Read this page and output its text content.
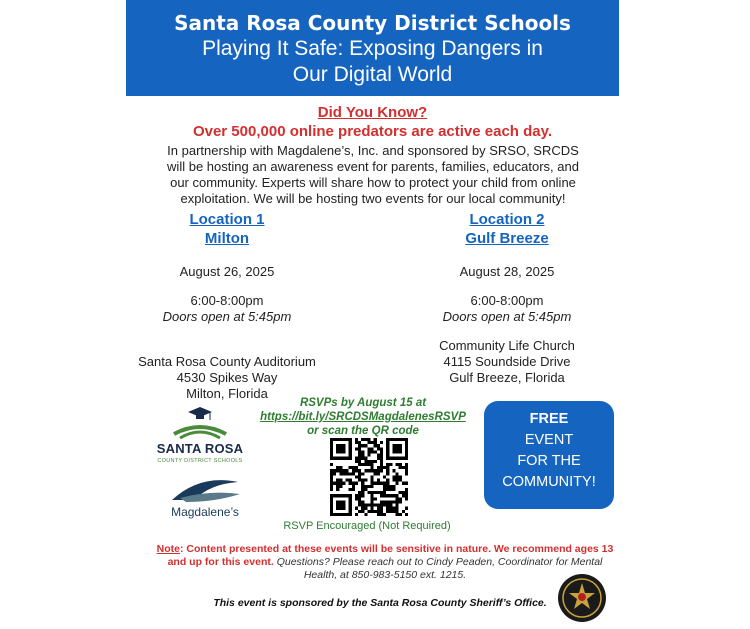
Santa Rosa County District Schools
Playing It Safe: Exposing Dangers in
Our Digital World
Did You Know?
Over 500,000 online predators are active each day.
In partnership with Magdalene’s, Inc. and sponsored by SRSO, SRCDS
will be hosting an awareness event for parents, families, educators, and
our community. Experts will share how to protect your child from online
exploitation. We will be hosting two events for our local community!
Location 1
Milton
August 26, 2025
6:00-8:00pm
Doors open at 5:45pm
Santa Rosa County Auditorium
4530 Spikes Way
Milton, Florida
Location 2
Gulf Breeze
August 28, 2025
6:00-8:00pm
Doors open at 5:45pm
Community Life Church
4115 Soundside Drive
Gulf Breeze, Florida
SANTA ROSA
COUNTY DISTRICT SCHOOLS
Magdalene’s
RSVPs by August 15 at
https://bit.ly/SRCDSMagdalenesRSVP
or scan the QR code
RSVP Encouraged (Not Required)
FREE
EVENT
FOR THE
COMMUNITY!
Note: Content presented at these events will be sensitive in nature. We recommend ages 13 and up for this event. Questions? Please reach out to Cindy Peaden, Coordinator for Mental Health, at 850-983-5150 ext. 1215.
This event is sponsored by the Santa Rosa County Sheriff’s Office.
